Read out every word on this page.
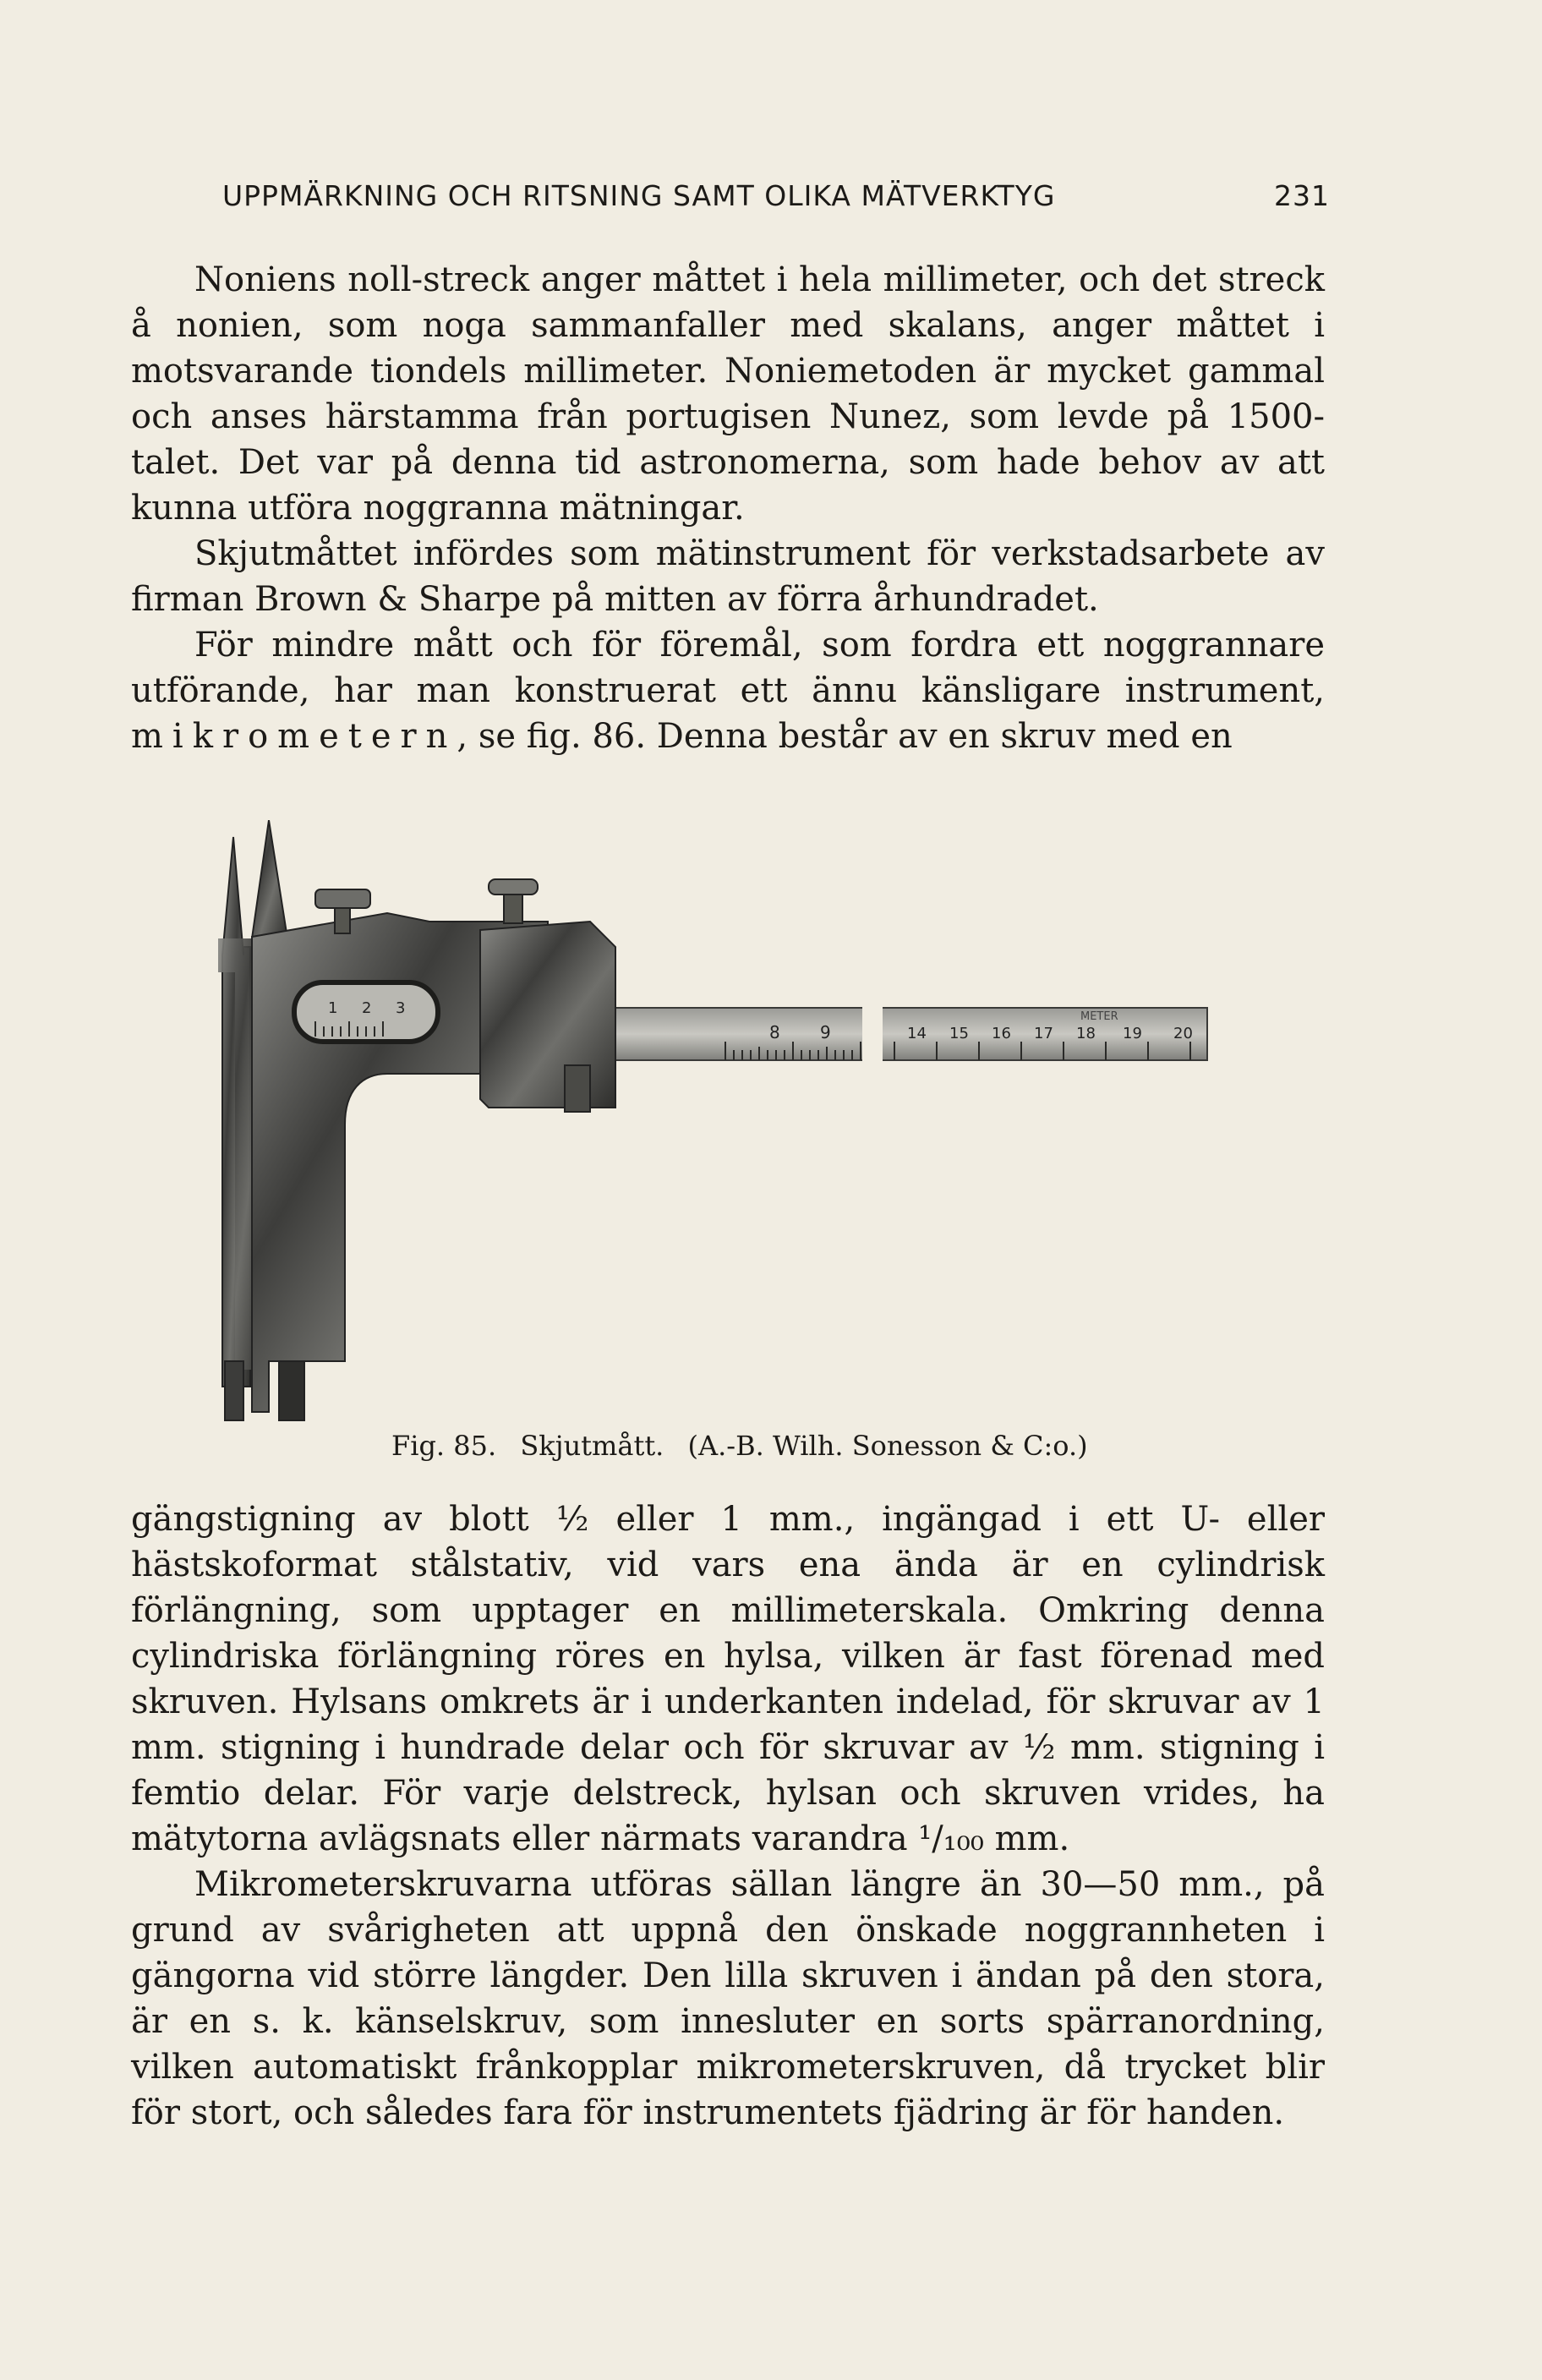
UPPMÄRKNING OCH RITSNING SAMT OLIKA MÄTVERKTYG	231

Noniens noll-streck anger måttet i hela millimeter, och det streck å nonien, som noga sammanfaller med skalans, anger måttet i motsvarande tiondels millimeter. Noniemetoden är mycket gammal och anses härstamma från portugisen Nunez, som levde på 1500-talet. Det var på denna tid astronomerna, som hade behov av att kunna utföra noggranna mätningar.

Skjutmåttet infördes som mätinstrument för verkstadsarbete av firman Brown & Sharpe på mitten av förra århundradet.

För mindre mått och för föremål, som fordra ett noggrannare utförande, har man konstruerat ett ännu känsligare instrument, mikrometern, se fig. 86. Denna består av en skruv med en

8 9	14 15 16 17 18 19 20
METER
1 2 3
Fig. 85. Skjutmått. (A.-B. Wilh. Sonesson & C:o.)

gängstigning av blott ½ eller 1 mm., ingängad i ett U- eller hästskoformat stålstativ, vid vars ena ända är en cylindrisk förlängning, som upptager en millimeterskala. Omkring denna cylindriska förlängning röres en hylsa, vilken är fast förenad med skruven. Hylsans omkrets är i underkanten indelad, för skruvar av 1 mm. stigning i hundrade delar och för skruvar av ½ mm. stigning i femtio delar. För varje delstreck, hylsan och skruven vrides, ha mätytorna avlägsnats eller närmats varandra ¹/₁₀₀ mm.

Mikrometerskruvarna utföras sällan längre än 30—50 mm., på grund av svårigheten att uppnå den önskade noggrannheten i gängorna vid större längder. Den lilla skruven i ändan på den stora, är en s. k. känselskruv, som innesluter en sorts spärranordning, vilken automatiskt frånkopplar mikrometerskruven, då trycket blir för stort, och således fara för instrumentets fjädring är för handen.
